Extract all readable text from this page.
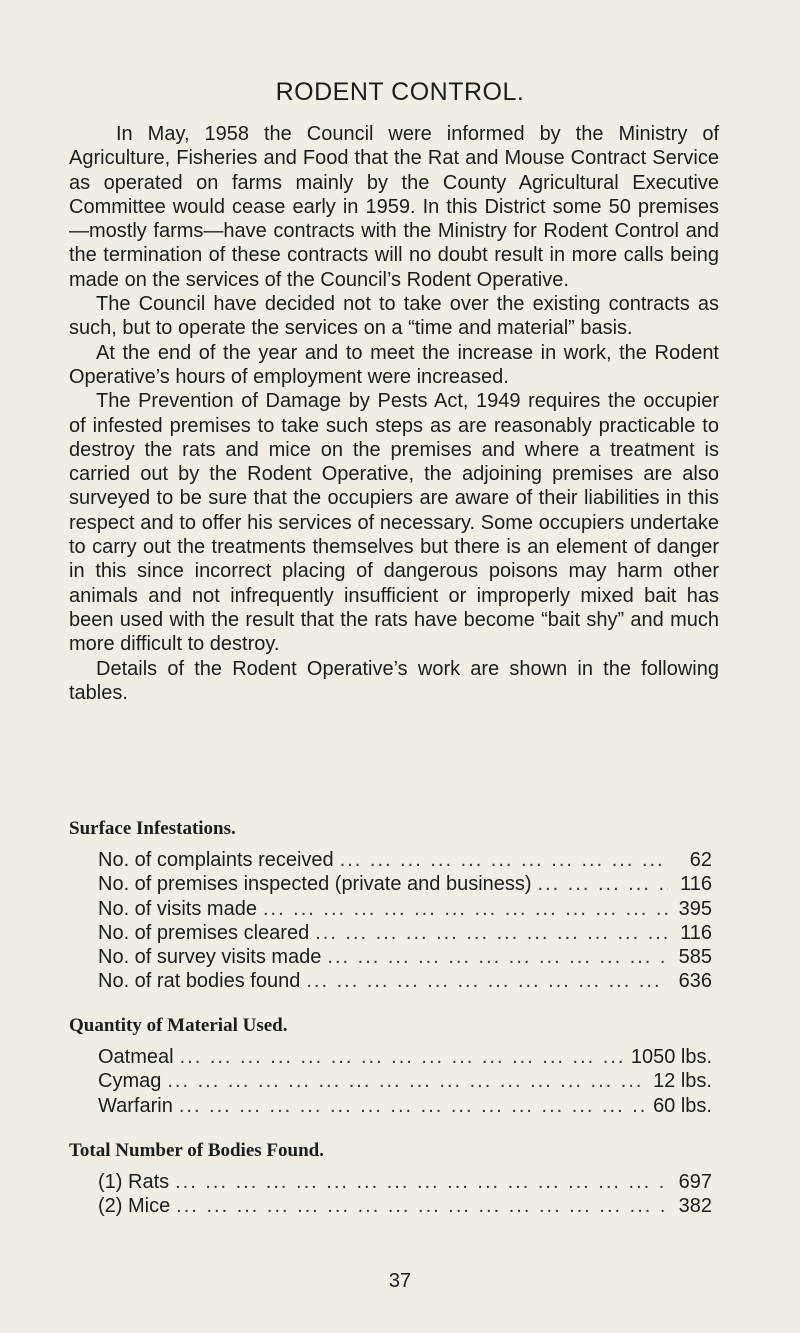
RODENT CONTROL.

In May, 1958 the Council were informed by the Ministry of Agriculture, Fisheries and Food that the Rat and Mouse Contract Service as operated on farms mainly by the County Agricultural Executive Committee would cease early in 1959. In this District some 50 premises—mostly farms—have contracts with the Ministry for Rodent Control and the termination of these contracts will no doubt result in more calls being made on the services of the Council’s Rodent Operative.

The Council have decided not to take over the existing contracts as such, but to operate the services on a “time and material” basis.

At the end of the year and to meet the increase in work, the Rodent Operative’s hours of employment were increased.

The Prevention of Damage by Pests Act, 1949 requires the occupier of infested premises to take such steps as are reasonably practicable to destroy the rats and mice on the premises and where a treatment is carried out by the Rodent Operative, the adjoining premises are also surveyed to be sure that the occupiers are aware of their liabilities in this respect and to offer his services of necessary. Some occupiers undertake to carry out the treatments themselves but there is an element of danger in this since incorrect placing of dangerous poisons may harm other animals and not infrequently insufficient or improperly mixed bait has been used with the result that the rats have become “bait shy” and much more difficult to destroy.

Details of the Rodent Operative’s work are shown in the following tables.

Surface Infestations.
No. of complaints received ... .	62
No. of premises inspected (private and business) ... .	116
No. of visits made ... .	395
No. of premises cleared ... .	116
No. of survey visits made ... .	585
No. of rat bodies found ... .	636
Quantity of Material Used.
Oatmeal ... .	1050 lbs.
Cymag ... .	12 lbs.
Warfarin ... .	60 lbs.
Total Number of Bodies Found.
(1) Rats ... .	697
(2) Mice ... .	382
37
